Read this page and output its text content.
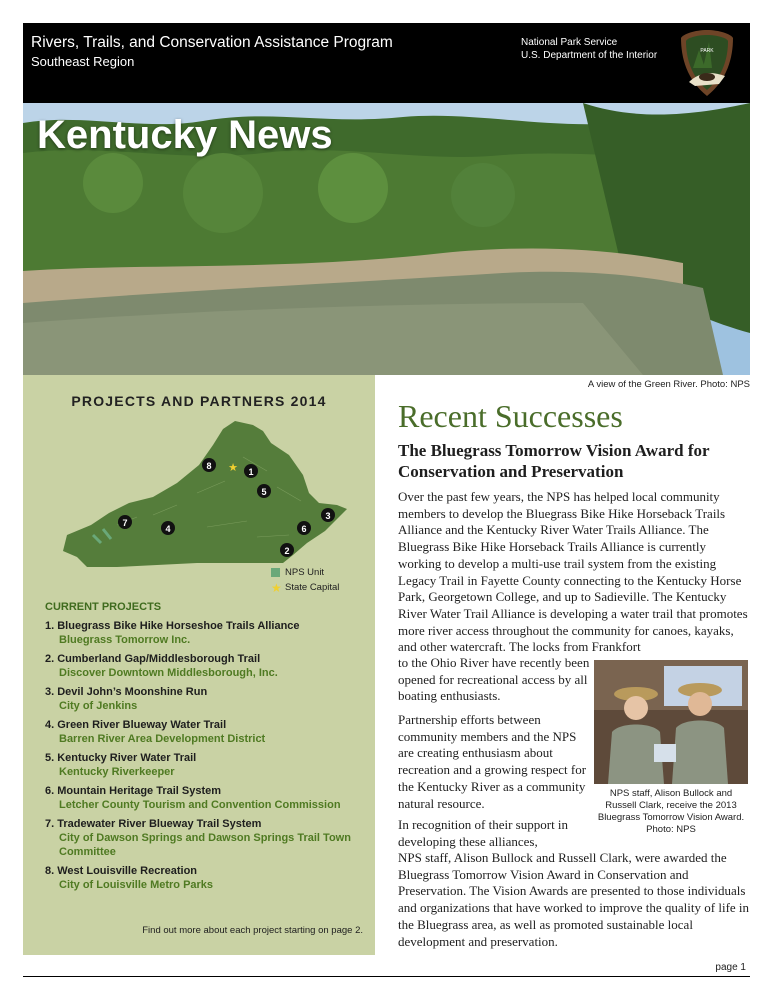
Rivers, Trails, and Conservation Assistance Program
Southeast Region
National Park Service
U.S. Department of the Interior	PARK
Kentucky News
A view of the Green River. Photo: NPS
PROJECTS AND PARTNERS 2014
1
2
3
4
5
6
7
8 ★
NPS Unit
★ State Capital
CURRENT PROJECTS
1. Bluegrass Bike Hike Horseshoe Trails Alliance
Bluegrass Tomorrow Inc.
2. Cumberland Gap/Middlesborough Trail
Discover Downtown Middlesborough, Inc.
3. Devil John’s Moonshine Run
City of Jenkins
4. Green River Blueway Water Trail
Barren River Area Development District
5. Kentucky River Water Trail
Kentucky Riverkeeper
6. Mountain Heritage Trail System
Letcher County Tourism and Convention Commission
7. Tradewater River Blueway Trail System
City of Dawson Springs and Dawson Springs Trail Town Committee
8. West Louisville Recreation
City of Louisville Metro Parks
Find out more about each project starting on page 2.
Recent Successes
The Bluegrass Tomorrow Vision Award for Conservation and Preservation

Over the past few years, the NPS has helped local community members to develop the Bluegrass Bike Hike Horseback Trails Alliance and the Kentucky River Water Trails Alliance. The Bluegrass Bike Hike Horseback Trails Alliance is currently working to develop a multi-use trail system from the existing Legacy Trail in Fayette County connecting to the Kentucky Horse Park, Georgetown College, and up to Sadieville. The Kentucky River Water Trail Alliance is developing a water trail that promotes more river access throughout the community for canoes, kayaks, and other watercraft. The locks from Frankfort

to the Ohio River have recently been opened for recreational access by all boating enthusiasts.

Partnership efforts between community members and the NPS are creating enthusiasm about recreation and a growing respect for the Kentucky River as a community natural resource.

In recognition of their support in developing these alliances,

NPS staff, Alison Bullock and Russell Clark, were awarded the Bluegrass Tomorrow Vision Award in Conservation and Preservation. The Vision Awards are presented to those individuals and organizations that have worked to improve the quality of life in the Bluegrass area, as well as promoted sustainable local development and preservation.

NPS staff, Alison Bullock and Russell Clark, receive the 2013 Bluegrass Tomorrow Vision Award. Photo: NPS
page 1
